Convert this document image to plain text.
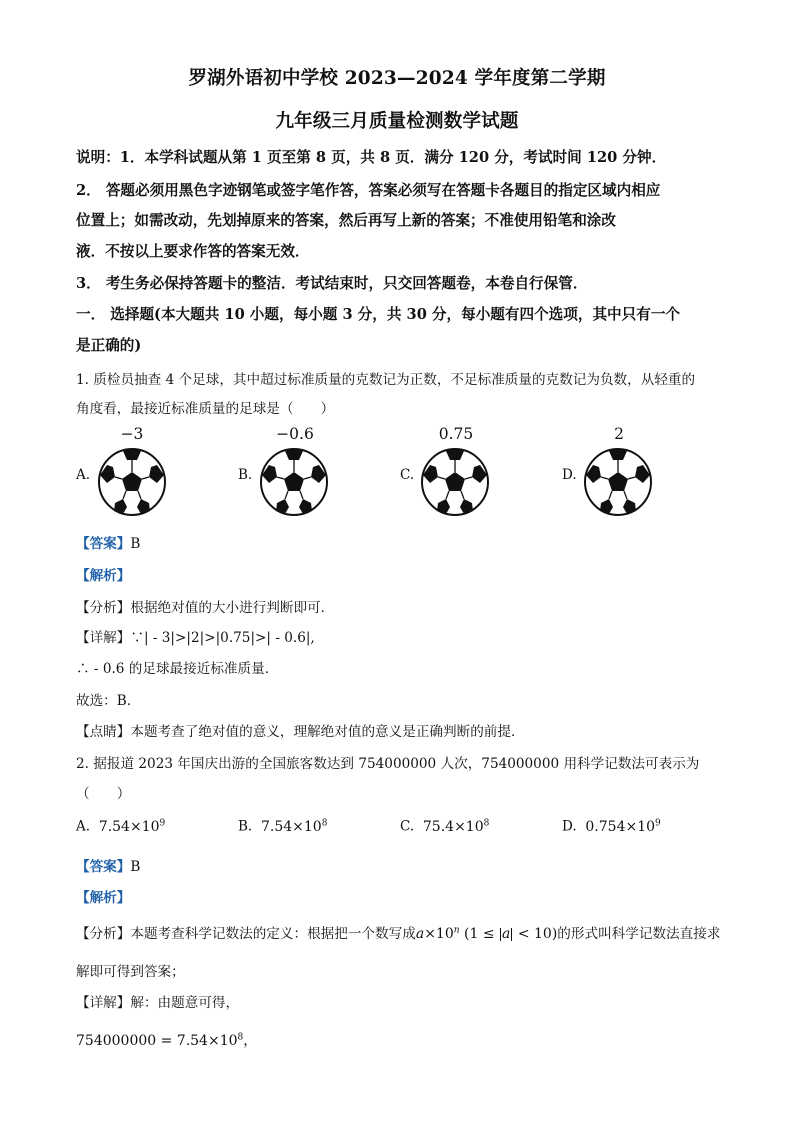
罗湖外语初中学校 2023—2024 学年度第二学期
九年级三月质量检测数学试题
说明：1．本学科试题从第 1 页至第 8 页，共 8 页．满分 120 分，考试时间 120 分钟．
2． 答题必须用黑色字迹钢笔或签字笔作答，答案必须写在答题卡各题目的指定区域内相应
位置上；如需改动，先划掉原来的答案，然后再写上新的答案；不准使用铅笔和涂改
液．不按以上要求作答的答案无效．
3． 考生务必保持答题卡的整洁．考试结束时，只交回答题卷，本卷自行保管．
一． 选择题(本大题共 10 小题，每小题 3 分，共 30 分，每小题有四个选项，其中只有一个
是正确的)
1. 质检员抽查 4 个足球，其中超过标准质量的克数记为正数，不足标准质量的克数记为负数，从轻重的
角度看，最接近标准质量的足球是（　　）
−3	−0.6	0.75	2
A.	B.	C.	D.
【答案】B
【解析】
【分析】根据绝对值的大小进行判断即可．
【详解】∵| - 3|>|2|>|0.75|>| - 0.6|,
∴ - 0.6 的足球最接近标准质量．
故选：B．
【点睛】本题考查了绝对值的意义，理解绝对值的意义是正确判断的前提．
2. 据报道 2023 年国庆出游的全国旅客数达到 754000000 人次，754000000 用科学记数法可表示为
（　　）
A. $7.54\times 10^9$	B. $7.54\times 10^8$	C. $75.4\times 10^8$	D. $0.754\times 10^9$
【答案】B
【解析】
【分析】本题考查科学记数法的定义：根据把一个数写成$a\times 10^n$ (1 ≤ a < 10)的形式叫科学记数法直接求
解即可得到答案；
【详解】解：由题意可得，
$754000000 = 7.54\times 10^8$，
